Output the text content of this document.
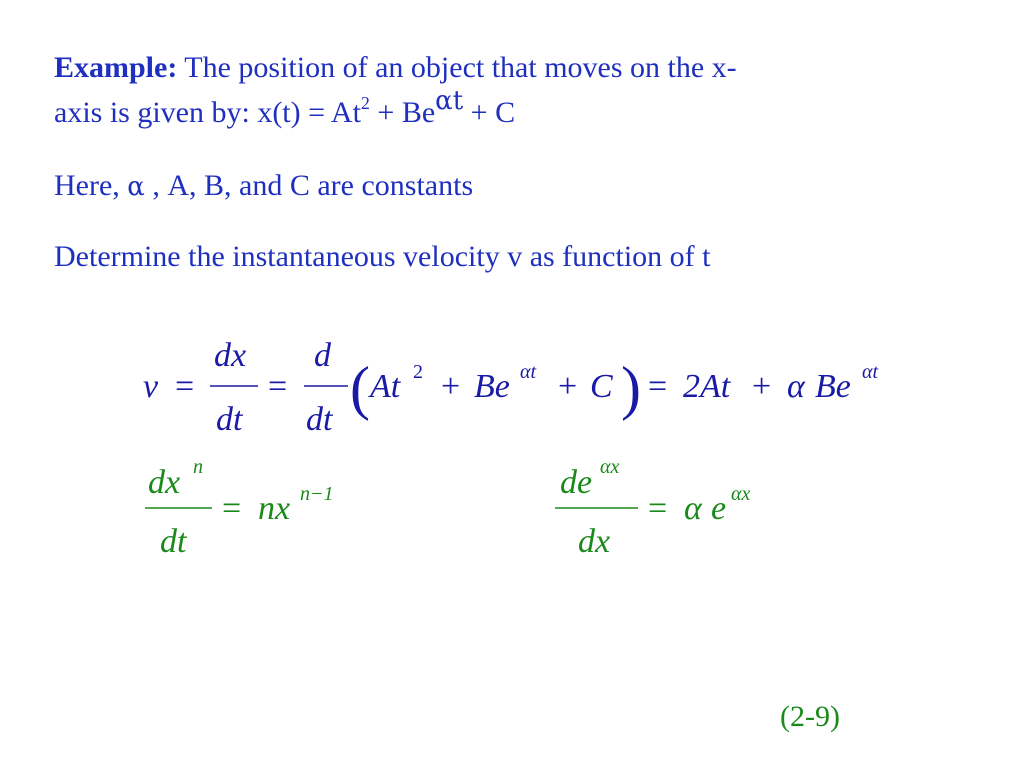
Example: The position of an object that moves on the x-
axis is given by: $x(t) = At^2 + Be^{\alpha t} + C$

Here, α , A, B, and C are constants

Determine the instantaneous velocity v as function of t

v =
dx
dt
=
d
dt ( At 2 + Be αt + C ) = 2At + α Be αt
dx n
dt
= nx n−1	de αx
dx
= α e αx
(2-9)
